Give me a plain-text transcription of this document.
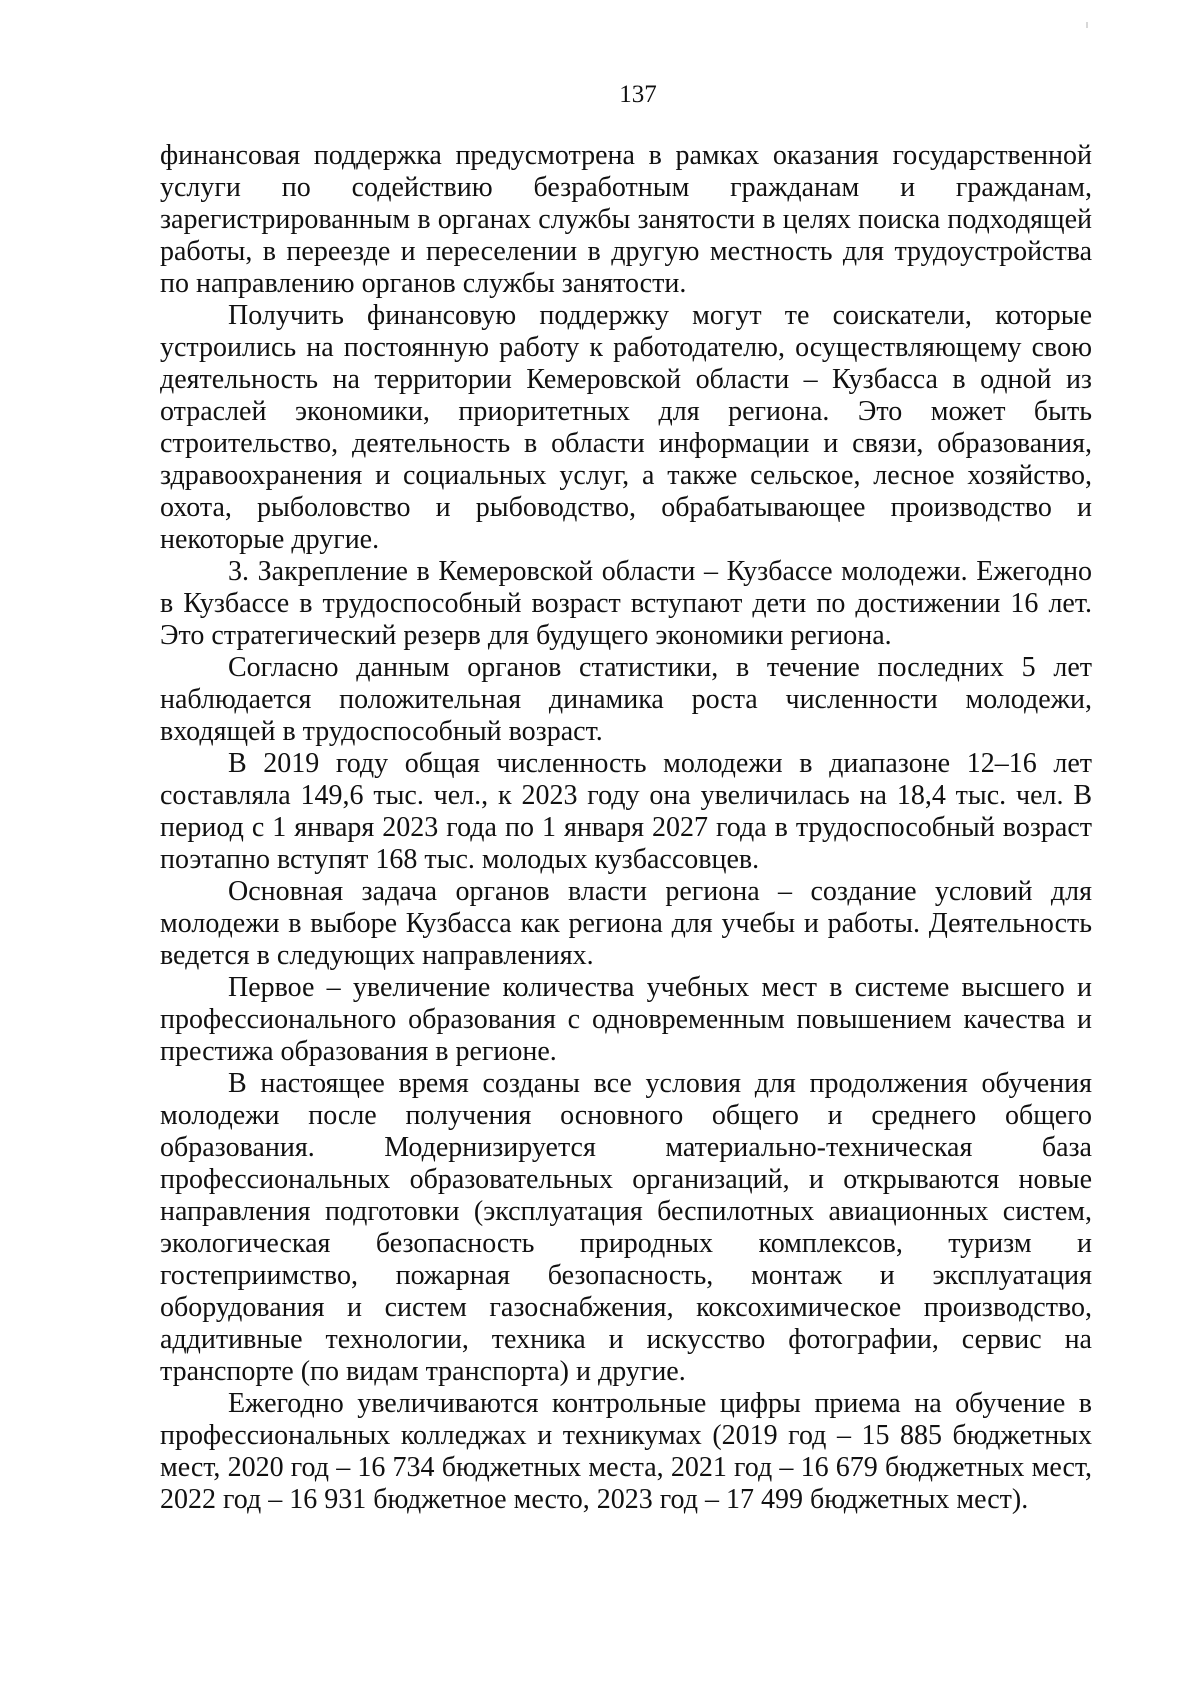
137

финансовая поддержка предусмотрена в рамках оказания государственной услуги по содействию безработным гражданам и гражданам, зарегистрированным в органах службы занятости в целях поиска подходящей работы, в переезде и переселении в другую местность для трудоустройства по направлению органов службы занятости.

Получить финансовую поддержку могут те соискатели, которые устроились на постоянную работу к работодателю, осуществляющему свою деятельность на территории Кемеровской области – Кузбасса в одной из отраслей экономики, приоритетных для региона. Это может быть строительство, деятельность в области информации и связи, образования, здравоохранения и социальных услуг, а также сельское, лесное хозяйство, охота, рыболовство и рыбоводство, обрабатывающее производство и некоторые другие.

3. Закрепление в Кемеровской области – Кузбассе молодежи. Ежегодно в Кузбассе в трудоспособный возраст вступают дети по достижении 16 лет. Это стратегический резерв для будущего экономики региона.

Согласно данным органов статистики, в течение последних 5 лет наблюдается положительная динамика роста численности молодежи, входящей в трудоспособный возраст.

В 2019 году общая численность молодежи в диапазоне 12–16 лет составляла 149,6 тыс. чел., к 2023 году она увеличилась на 18,4 тыс. чел. В период с 1 января 2023 года по 1 января 2027 года в трудоспособный возраст поэтапно вступят 168 тыс. молодых кузбассовцев.

Основная задача органов власти региона – создание условий для молодежи в выборе Кузбасса как региона для учебы и работы. Деятельность ведется в следующих направлениях.

Первое – увеличение количества учебных мест в системе высшего и профессионального образования с одновременным повышением качества и престижа образования в регионе.

В настоящее время созданы все условия для продолжения обучения молодежи после получения основного общего и среднего общего образования. Модернизируется материально-техническая база профессиональных образовательных организаций, и открываются новые направления подготовки (эксплуатация беспилотных авиационных систем, экологическая безопасность природных комплексов, туризм и гостеприимство, пожарная безопасность, монтаж и эксплуатация оборудования и систем газоснабжения, коксохимическое производство, аддитивные технологии, техника и искусство фотографии, сервис на транспорте (по видам транспорта) и другие.

Ежегодно увеличиваются контрольные цифры приема на обучение в профессиональных колледжах и техникумах (2019 год – 15 885 бюджетных мест, 2020 год – 16 734 бюджетных места, 2021 год – 16 679 бюджетных мест, 2022 год – 16 931 бюджетное место, 2023 год – 17 499 бюджетных мест).
